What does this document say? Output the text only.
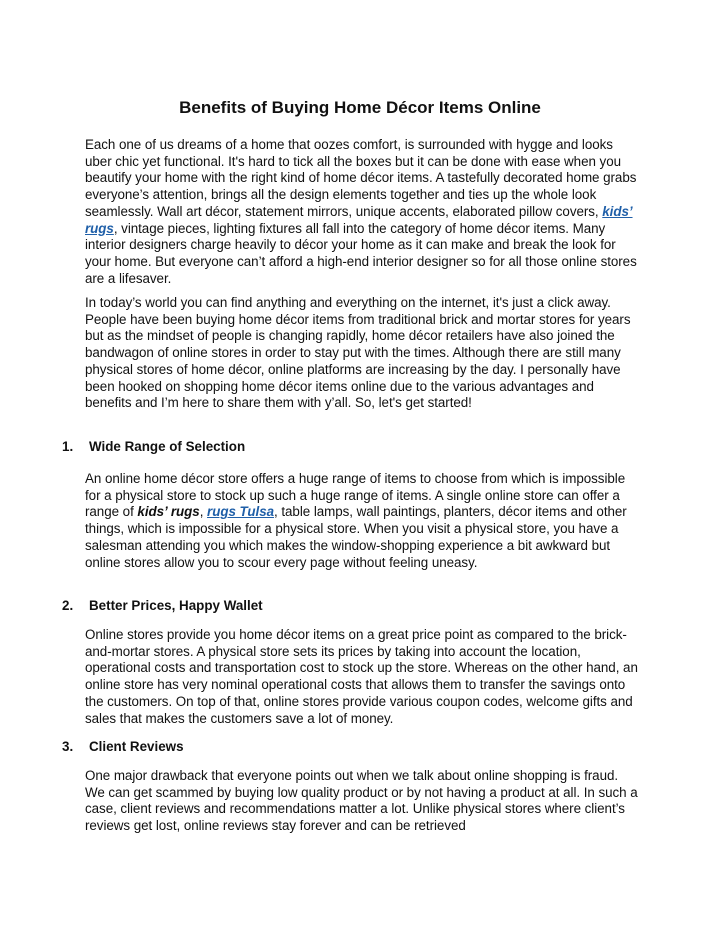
Benefits of Buying Home Décor Items Online

Each one of us dreams of a home that oozes comfort, is surrounded with hygge and looks uber chic yet functional. It's hard to tick all the boxes but it can be done with ease when you beautify your home with the right kind of home décor items. A tastefully decorated home grabs everyone’s attention, brings all the design elements together and ties up the whole look seamlessly. Wall art décor, statement mirrors, unique accents, elaborated pillow covers, kids’ rugs, vintage pieces, lighting fixtures all fall into the category of home décor items. Many interior designers charge heavily to décor your home as it can make and break the look for your home. But everyone can’t afford a high-end interior designer so for all those online stores are a lifesaver.

In today’s world you can find anything and everything on the internet, it's just a click away. People have been buying home décor items from traditional brick and mortar stores for years but as the mindset of people is changing rapidly, home décor retailers have also joined the bandwagon of online stores in order to stay put with the times. Although there are still many physical stores of home décor, online platforms are increasing by the day. I personally have been hooked on shopping home décor items online due to the various advantages and benefits and I’m here to share them with y’all. So, let's get started!

1. Wide Range of Selection

An online home décor store offers a huge range of items to choose from which is impossible for a physical store to stock up such a huge range of items. A single online store can offer a range of kids’ rugs, rugs Tulsa, table lamps, wall paintings, planters, décor items and other things, which is impossible for a physical store. When you visit a physical store, you have a salesman attending you which makes the window-shopping experience a bit awkward but online stores allow you to scour every page without feeling uneasy.

2. Better Prices, Happy Wallet

Online stores provide you home décor items on a great price point as compared to the brick-and-mortar stores. A physical store sets its prices by taking into account the location, operational costs and transportation cost to stock up the store. Whereas on the other hand, an online store has very nominal operational costs that allows them to transfer the savings onto the customers. On top of that, online stores provide various coupon codes, welcome gifts and sales that makes the customers save a lot of money.

3. Client Reviews

One major drawback that everyone points out when we talk about online shopping is fraud. We can get scammed by buying low quality product or by not having a product at all. In such a case, client reviews and recommendations matter a lot. Unlike physical stores where client’s reviews get lost, online reviews stay forever and can be retrieved
